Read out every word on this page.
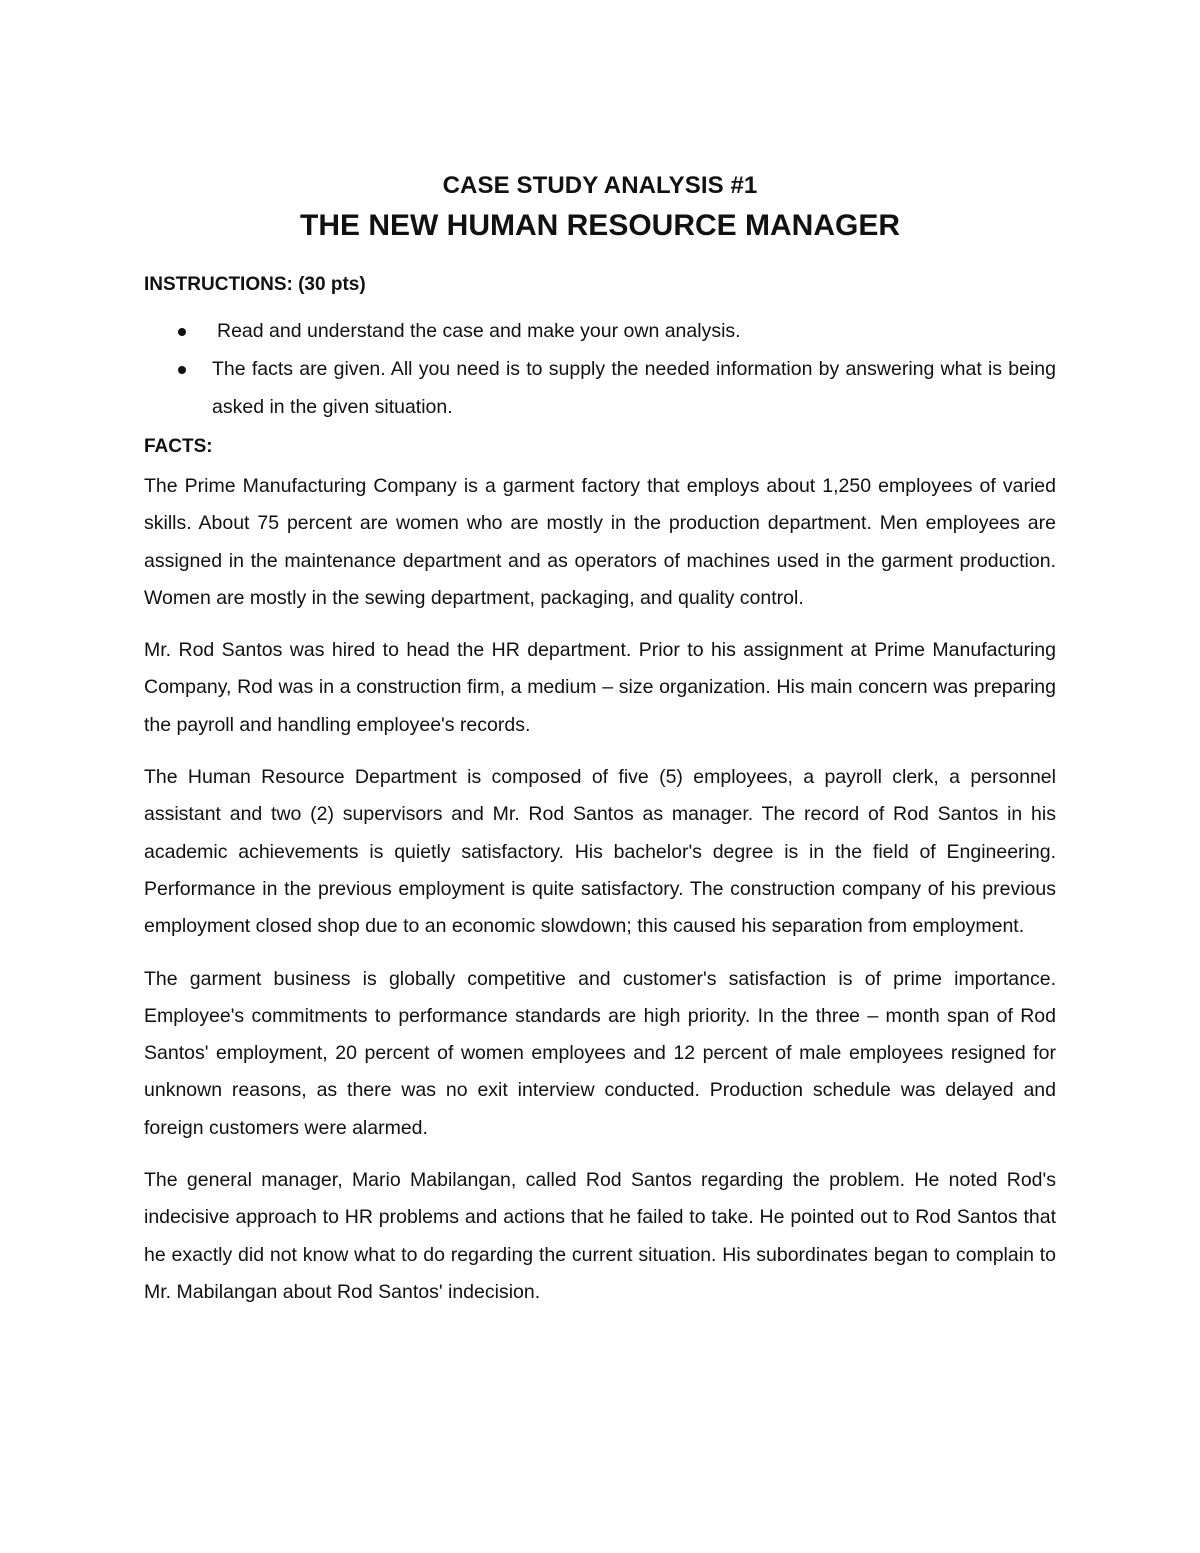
CASE STUDY ANALYSIS #1
THE NEW HUMAN RESOURCE MANAGER
INSTRUCTIONS: (30 pts)
Read and understand the case and make your own analysis.
The facts are given. All you need is to supply the needed information by answering what is being asked in the given situation.
FACTS:

The Prime Manufacturing Company is a garment factory that employs about 1,250 employees of varied skills. About 75 percent are women who are mostly in the production department. Men employees are assigned in the maintenance department and as operators of machines used in the garment production. Women are mostly in the sewing department, packaging, and quality control.

Mr. Rod Santos was hired to head the HR department. Prior to his assignment at Prime Manufacturing Company, Rod was in a construction firm, a medium – size organization. His main concern was preparing the payroll and handling employee's records.

The Human Resource Department is composed of five (5) employees, a payroll clerk, a personnel assistant and two (2) supervisors and Mr. Rod Santos as manager. The record of Rod Santos in his academic achievements is quietly satisfactory. His bachelor's degree is in the field of Engineering. Performance in the previous employment is quite satisfactory. The construction company of his previous employment closed shop due to an economic slowdown; this caused his separation from employment.

The garment business is globally competitive and customer's satisfaction is of prime importance. Employee's commitments to performance standards are high priority. In the three – month span of Rod Santos' employment, 20 percent of women employees and 12 percent of male employees resigned for unknown reasons, as there was no exit interview conducted. Production schedule was delayed and foreign customers were alarmed.

The general manager, Mario Mabilangan, called Rod Santos regarding the problem. He noted Rod's indecisive approach to HR problems and actions that he failed to take. He pointed out to Rod Santos that he exactly did not know what to do regarding the current situation. His subordinates began to complain to Mr. Mabilangan about Rod Santos' indecision.
